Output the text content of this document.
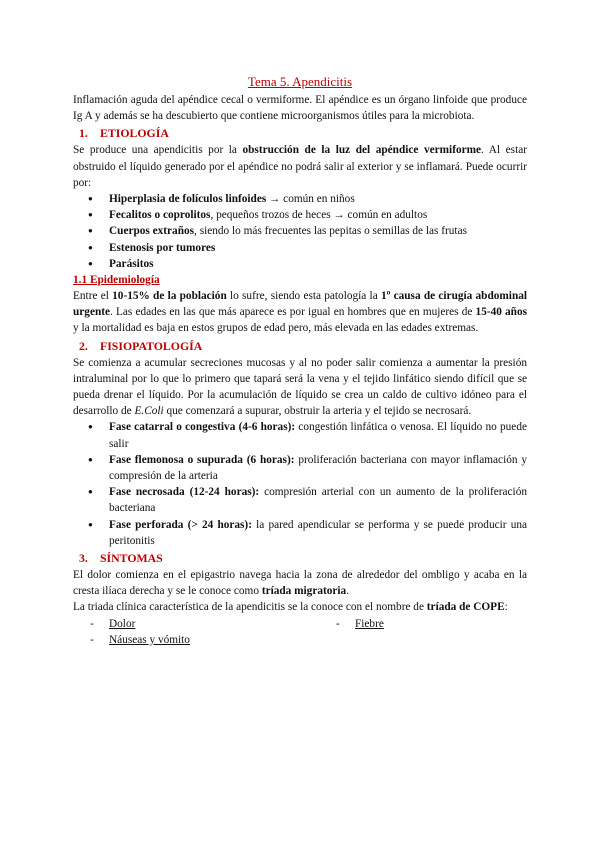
Tema 5. Apendicitis
Inflamación aguda del apéndice cecal o vermiforme. El apéndice es un órgano linfoide que produce Ig A y además se ha descubierto que contiene microorganismos útiles para la microbiota.
1. ETIOLOGÍA
Se produce una apendicitis por la obstrucción de la luz del apéndice vermiforme. Al estar obstruido el líquido generado por el apéndice no podrá salir al exterior y se inflamará. Puede ocurrir por:
● Hiperplasia de folículos linfoides → común en niños
● Fecalitos o coprolitos, pequeños trozos de heces → común en adultos
● Cuerpos extraños, siendo lo más frecuentes las pepitas o semillas de las frutas
● Estenosis por tumores
● Parásitos
1.1 Epidemiología
Entre el 10-15% de la población lo sufre, siendo esta patología la 1º causa de cirugía abdominal urgente. Las edades en las que más aparece es por igual en hombres que en mujeres de 15-40 años y la mortalidad es baja en estos grupos de edad pero, más elevada en las edades extremas.
2. FISIOPATOLOGÍA
Se comienza a acumular secreciones mucosas y al no poder salir comienza a aumentar la presión intraluminal por lo que lo primero que tapará será la vena y el tejido linfático siendo difícil que se pueda drenar el líquido. Por la acumulación de líquido se crea un caldo de cultivo idóneo para el desarrollo de E.Coli que comenzará a supurar, obstruir la arteria y el tejido se necrosará.
● Fase catarral o congestiva (4-6 horas): congestión linfática o venosa. El líquido no puede salir
● Fase flemonosa o supurada (6 horas): proliferación bacteriana con mayor inflamación y compresión de la arteria
● Fase necrosada (12-24 horas): compresión arterial con un aumento de la proliferación bacteriana
● Fase perforada (> 24 horas): la pared apendicular se performa y se puede producir una peritonitis
3. SÍNTOMAS
El dolor comienza en el epigastrio navega hacia la zona de alrededor del ombligo y acaba en la cresta ilíaca derecha y se le conoce como tríada migratoria.
La triada clínica característica de la apendicitis se la conoce con el nombre de tríada de COPE:
- Dolor	- Fiebre
- Náuseas y vómito
